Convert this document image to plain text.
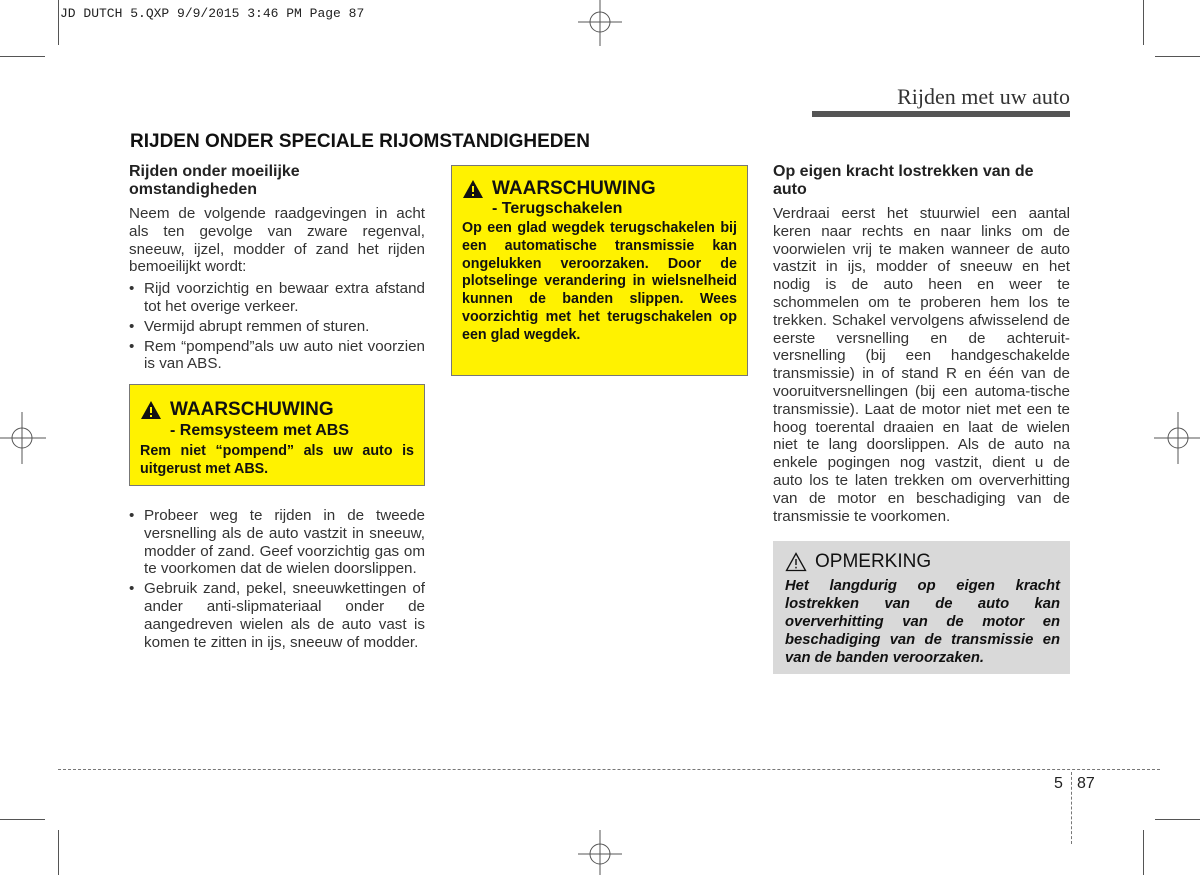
JD DUTCH 5.QXP 9/9/2015 3:46 PM Page 87
Rijden met uw auto
RIJDEN ONDER SPECIALE RIJOMSTANDIGHEDEN
Rijden onder moeilijke omstandigheden

Neem de volgende raadgevingen in acht als ten gevolge van zware regenval, sneeuw, ijzel, modder of zand het rijden bemoeilijkt wordt:

• Rijd voorzichtig en bewaar extra afstand tot het overige verkeer.
• Vermijd abrupt remmen of sturen.
• Rem “pompend”als uw auto niet voorzien is van ABS.
WAARSCHUWING
- Remsysteem met ABS
Rem niet “pompend” als uw auto is uitgerust met ABS.
• Probeer weg te rijden in de tweede versnelling als de auto vastzit in sneeuw, modder of zand. Geef voorzichtig gas om te voorkomen dat de wielen doorslippen.
• Gebruik zand, pekel, sneeuwkettingen of ander anti-slipmateriaal onder de aangedreven wielen als de auto vast is komen te zitten in ijs, sneeuw of modder.
WAARSCHUWING
- Terugschakelen
Op een glad wegdek terugschakelen bij een automatische transmissie kan ongelukken veroorzaken. Door de plotselinge verandering in wielsnelheid kunnen de banden slippen. Wees voorzichtig met het terugschakelen op een glad wegdek.
Op eigen kracht lostrekken van de auto

Verdraai eerst het stuurwiel een aantal keren naar rechts en naar links om de voorwielen vrij te maken wanneer de auto vastzit in ijs, modder of sneeuw en het nodig is de auto heen en weer te schommelen om te proberen hem los te trekken. Schakel vervolgens afwisselend de eerste versnelling en de achteruit-versnelling (bij een handgeschakelde transmissie) in of stand R en één van de vooruitversnellingen (bij een automa-tische transmissie). Laat de motor niet met een te hoog toerental draaien en laat de wielen niet te lang doorslippen. Als de auto na enkele pogingen nog vastzit, dient u de auto los te laten trekken om oververhitting van de motor en beschadiging van de transmissie te voorkomen.

OPMERKING
Het langdurig op eigen kracht lostrekken van de auto kan oververhitting van de motor en beschadiging van de transmissie en van de banden veroorzaken.
5 87
